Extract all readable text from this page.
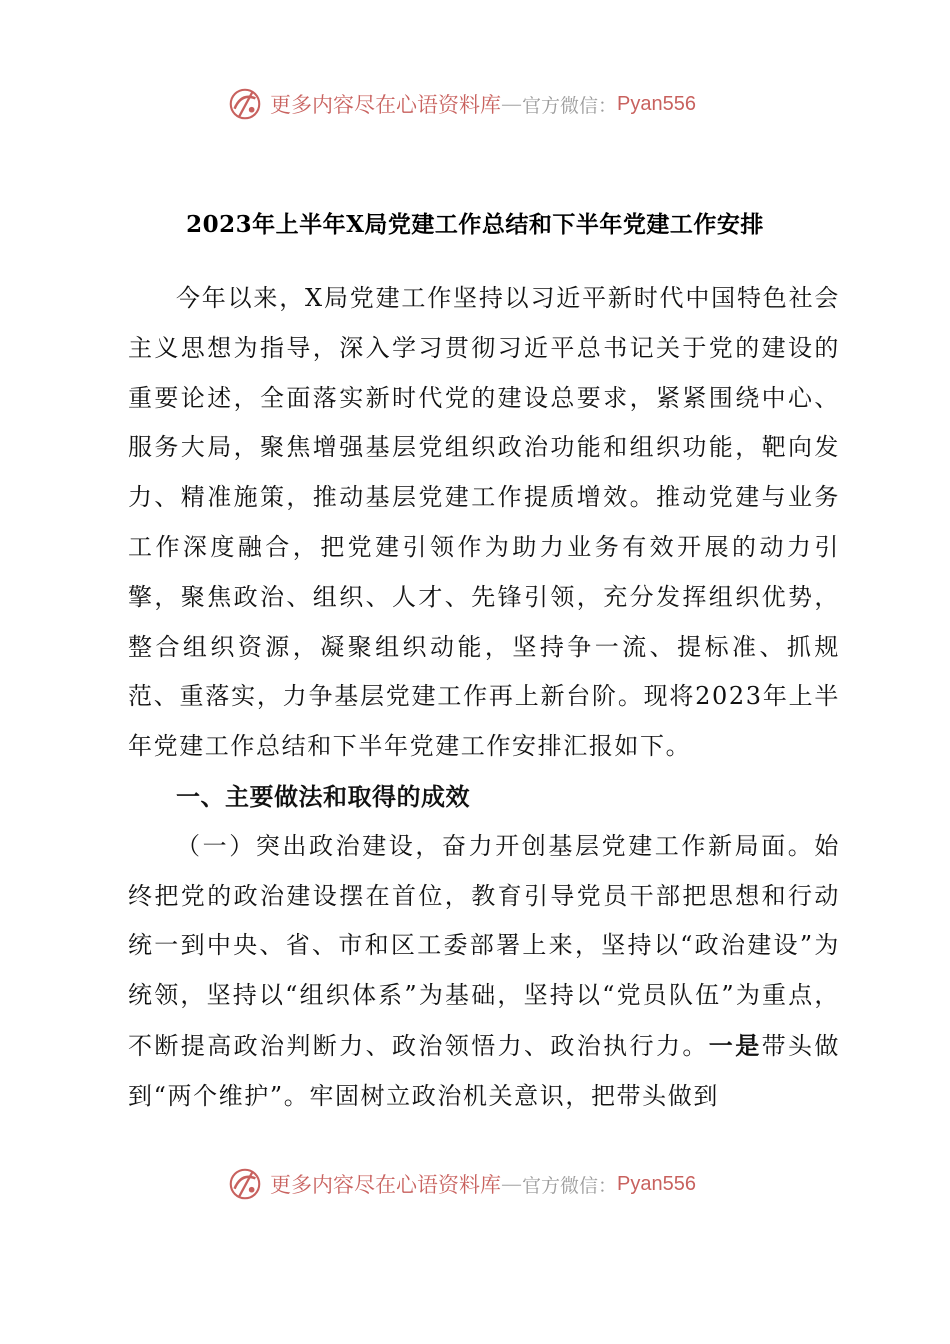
更多内容尽在心语资料库 — 官方微信： Pyan556
2023年上半年X局党建工作总结和下半年党建工作安排

今年以来，X局党建工作坚持以习近平新时代中国特色社会主义思想为指导，深入学习贯彻习近平总书记关于党的建设的重要论述，全面落实新时代党的建设总要求，紧紧围绕中心、服务大局，聚焦增强基层党组织政治功能和组织功能，靶向发力、精准施策，推动基层党建工作提质增效。推动党建与业务工作深度融合，把党建引领作为助力业务有效开展的动力引擎，聚焦政治、组织、人才、先锋引领，充分发挥组织优势，整合组织资源，凝聚组织动能，坚持争一流、提标准、抓规范、重落实，力争基层党建工作再上新台阶。现将2023年上半年党建工作总结和下半年党建工作安排汇报如下。

一、主要做法和取得的成效

（一）突出政治建设，奋力开创基层党建工作新局面。始终把党的政治建设摆在首位，教育引导党员干部把思想和行动统一到中央、省、市和区工委部署上来，坚持以“政治建设”为统领，坚持以“组织体系”为基础，坚持以“党员队伍”为重点，不断提高政治判断力、政治领悟力、政治执行力。一是带头做到“两个维护”。牢固树立政治机关意识，把带头做到

更多内容尽在心语资料库 — 官方微信： Pyan556
